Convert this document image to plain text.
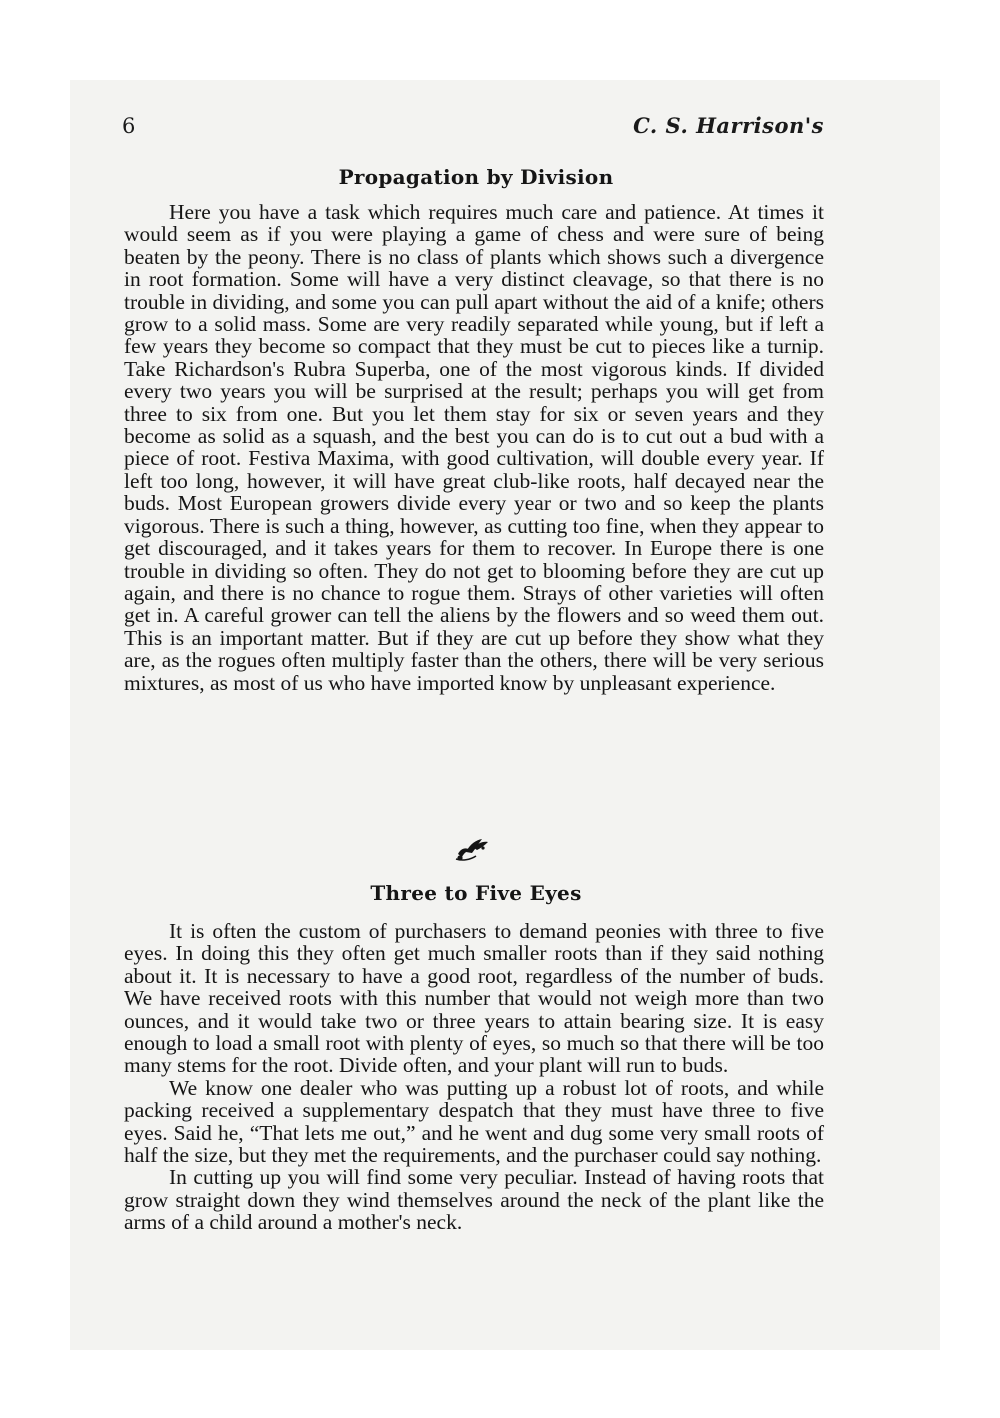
6	C. S. Harrison's
Propagation by Division

Here you have a task which requires much care and patience. At times it would seem as if you were playing a game of chess and were sure of being beaten by the peony. There is no class of plants which shows such a divergence in root formation. Some will have a very distinct cleavage, so that there is no trouble in dividing, and some you can pull apart without the aid of a knife; others grow to a solid mass. Some are very readily separated while young, but if left a few years they become so compact that they must be cut to pieces like a turnip. Take Richardson's Rubra Superba, one of the most vigorous kinds. If divided every two years you will be surprised at the result; perhaps you will get from three to six from one. But you let them stay for six or seven years and they become as solid as a squash, and the best you can do is to cut out a bud with a piece of root. Festiva Maxima, with good cultivation, will double every year. If left too long, however, it will have great club-like roots, half decayed near the buds. Most European growers divide every year or two and so keep the plants vigorous. There is such a thing, however, as cutting too fine, when they appear to get discouraged, and it takes years for them to recover. In Europe there is one trouble in dividing so often. They do not get to blooming before they are cut up again, and there is no chance to rogue them. Strays of other varieties will often get in. A careful grower can tell the aliens by the flowers and so weed them out. This is an important matter. But if they are cut up before they show what they are, as the rogues often multiply faster than the others, there will be very serious mixtures, as most of us who have imported know by unpleasant experience.

Three to Five Eyes

It is often the custom of purchasers to demand peonies with three to five eyes. In doing this they often get much smaller roots than if they said nothing about it. It is necessary to have a good root, regardless of the number of buds. We have received roots with this number that would not weigh more than two ounces, and it would take two or three years to attain bearing size. It is easy enough to load a small root with plenty of eyes, so much so that there will be too many stems for the root. Divide often, and your plant will run to buds.

We know one dealer who was putting up a robust lot of roots, and while packing received a supplementary despatch that they must have three to five eyes. Said he, “That lets me out,” and he went and dug some very small roots of half the size, but they met the requirements, and the purchaser could say nothing.

In cutting up you will find some very peculiar. Instead of having roots that grow straight down they wind themselves around the neck of the plant like the arms of a child around a mother's neck.
